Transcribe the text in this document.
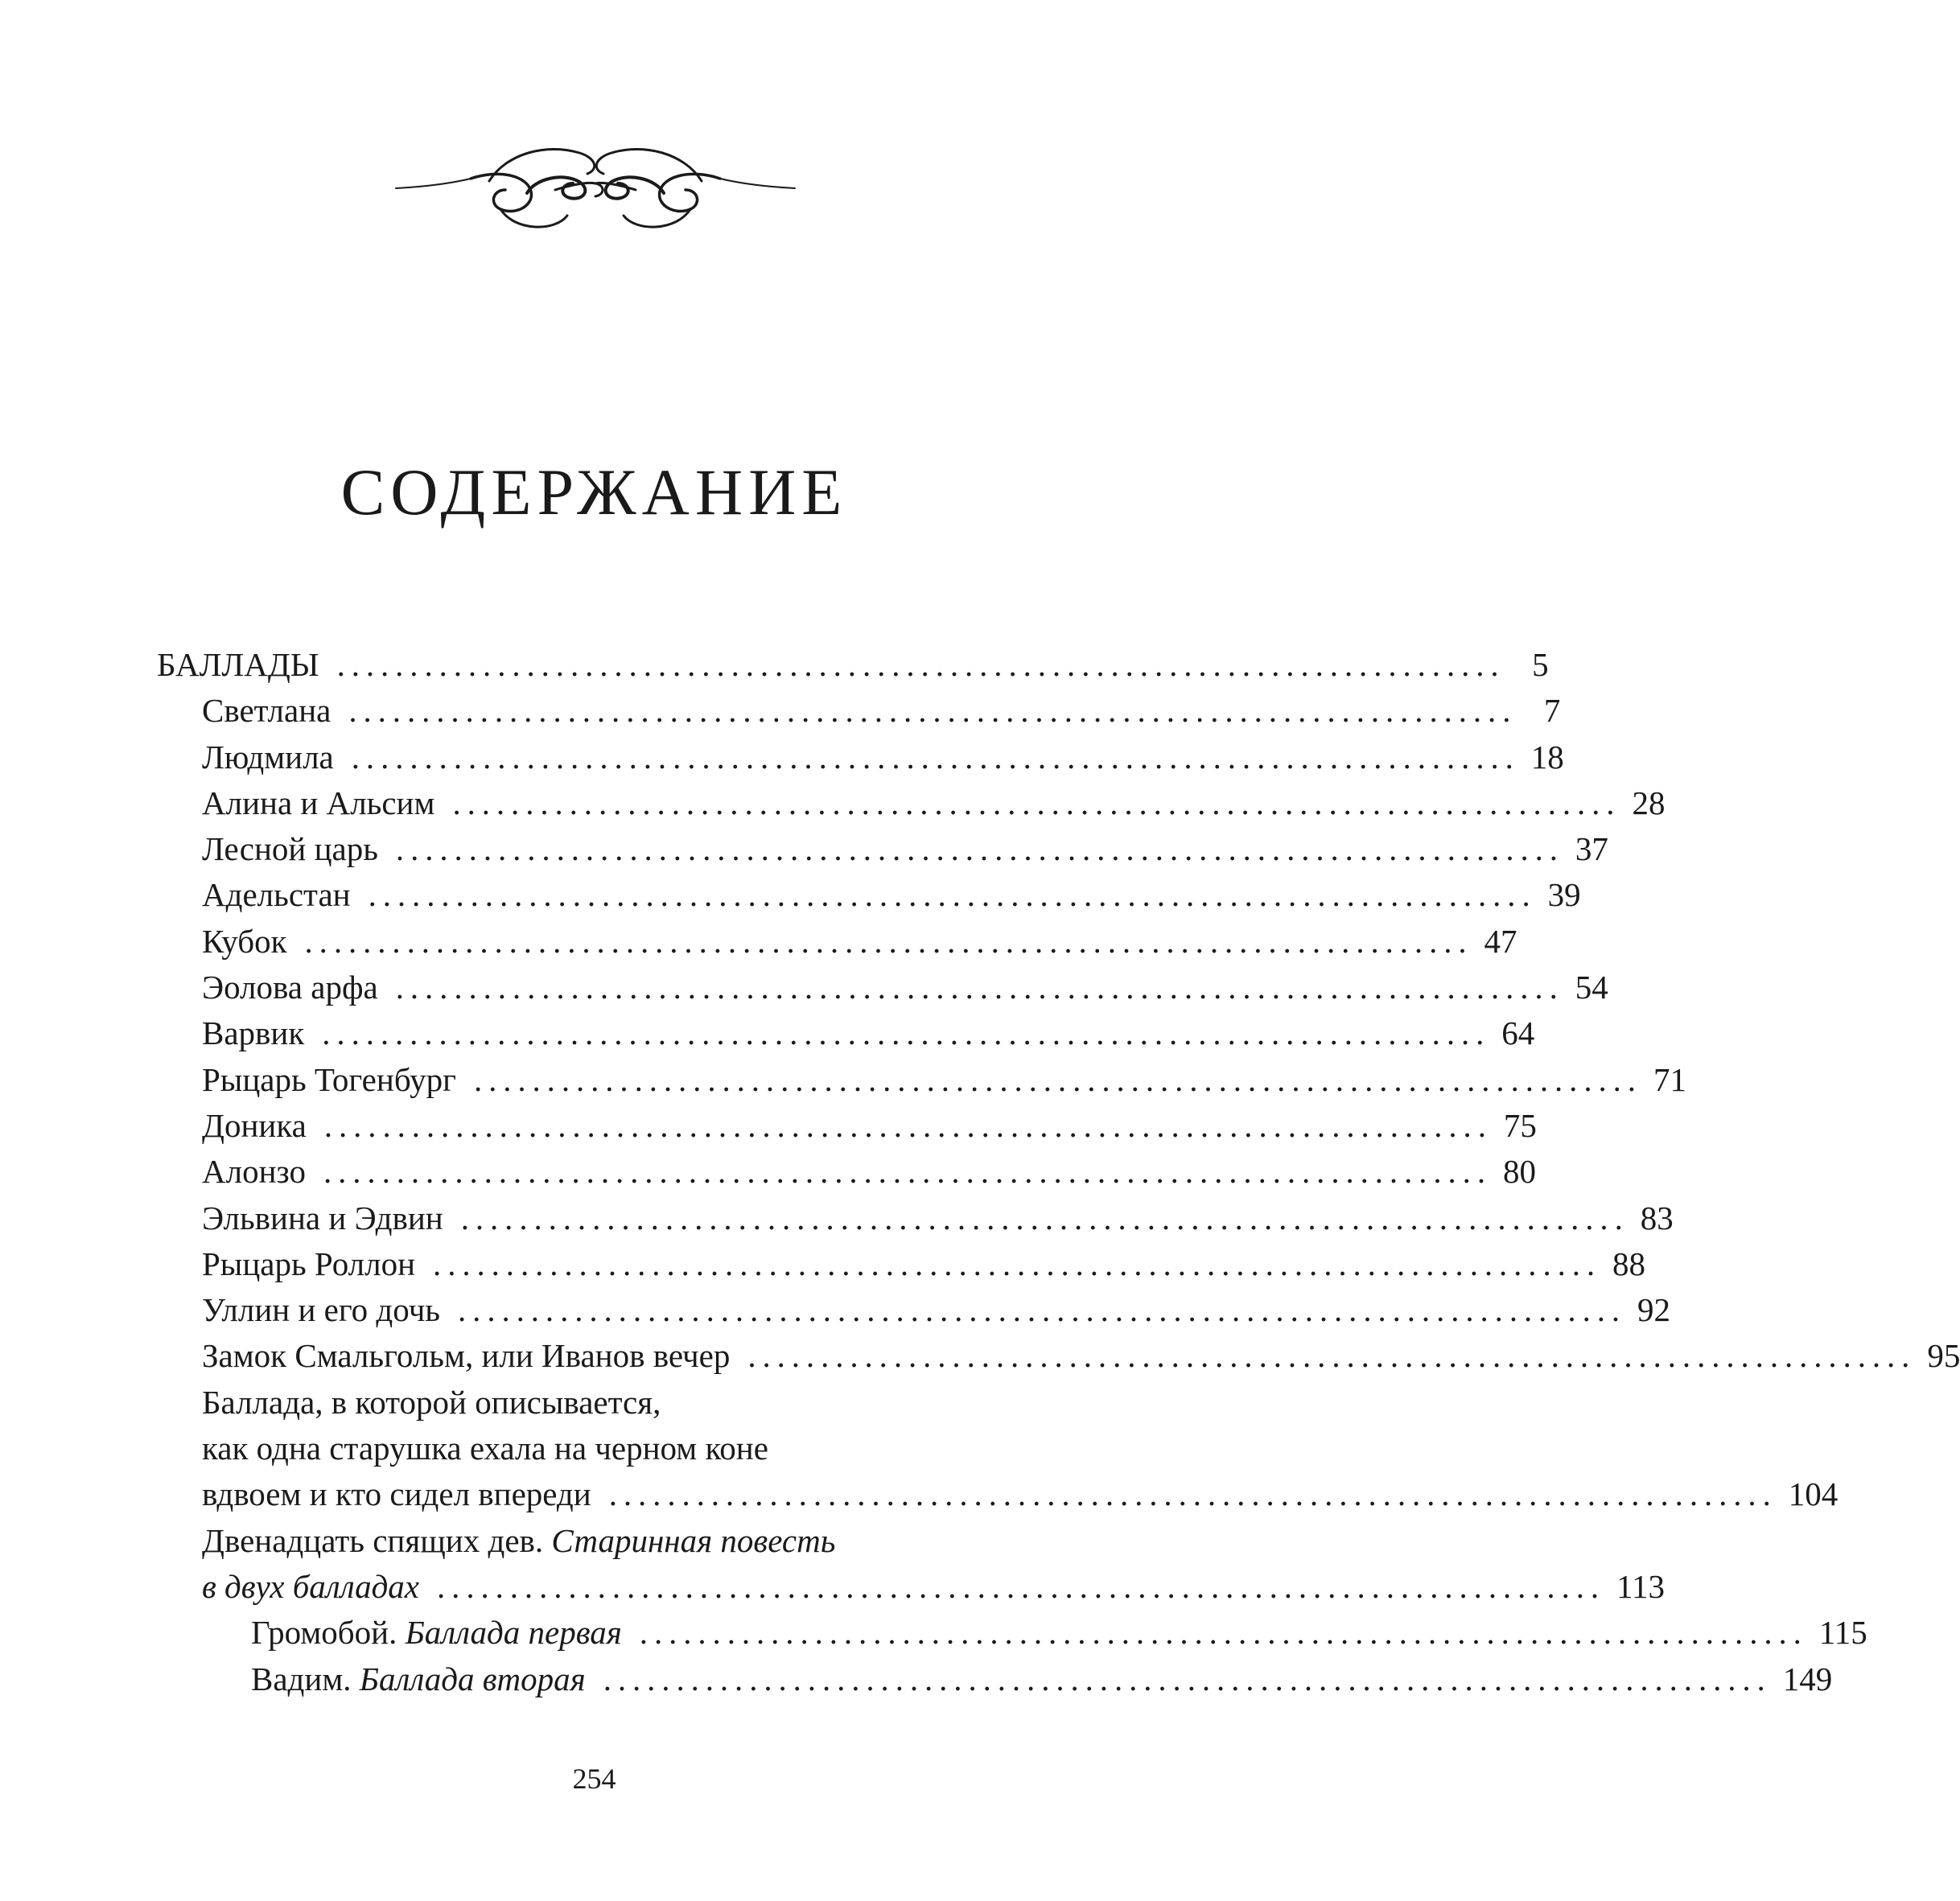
СОДЕРЖАНИЕ
БАЛЛАДЫ ................................................................................ 5
Светлана ................................................................................ 7
Людмила ................................................................................ 18
Алина и Альсим ................................................................................ 28
Лесной царь ................................................................................ 37
Адельстан ................................................................................ 39
Кубок ................................................................................ 47
Эолова арфа ................................................................................ 54
Варвик ................................................................................ 64
Рыцарь Тогенбург ................................................................................ 71
Доника ................................................................................ 75
Алонзо ................................................................................ 80
Эльвина и Эдвин ................................................................................ 83
Рыцарь Роллон ................................................................................ 88
Уллин и его дочь ................................................................................ 92
Замок Смальгольм, или Иванов вечер ................................................................................ 95
Баллада, в которой описывается,
как одна старушка ехала на черном коне
вдвоем и кто сидел впереди ................................................................................ 104
Двенадцать спящих дев. Старинная повесть
в двух балладах ................................................................................ 113
Громобой. Баллада первая ................................................................................ 115
Вадим. Баллада вторая ................................................................................ 149
254
